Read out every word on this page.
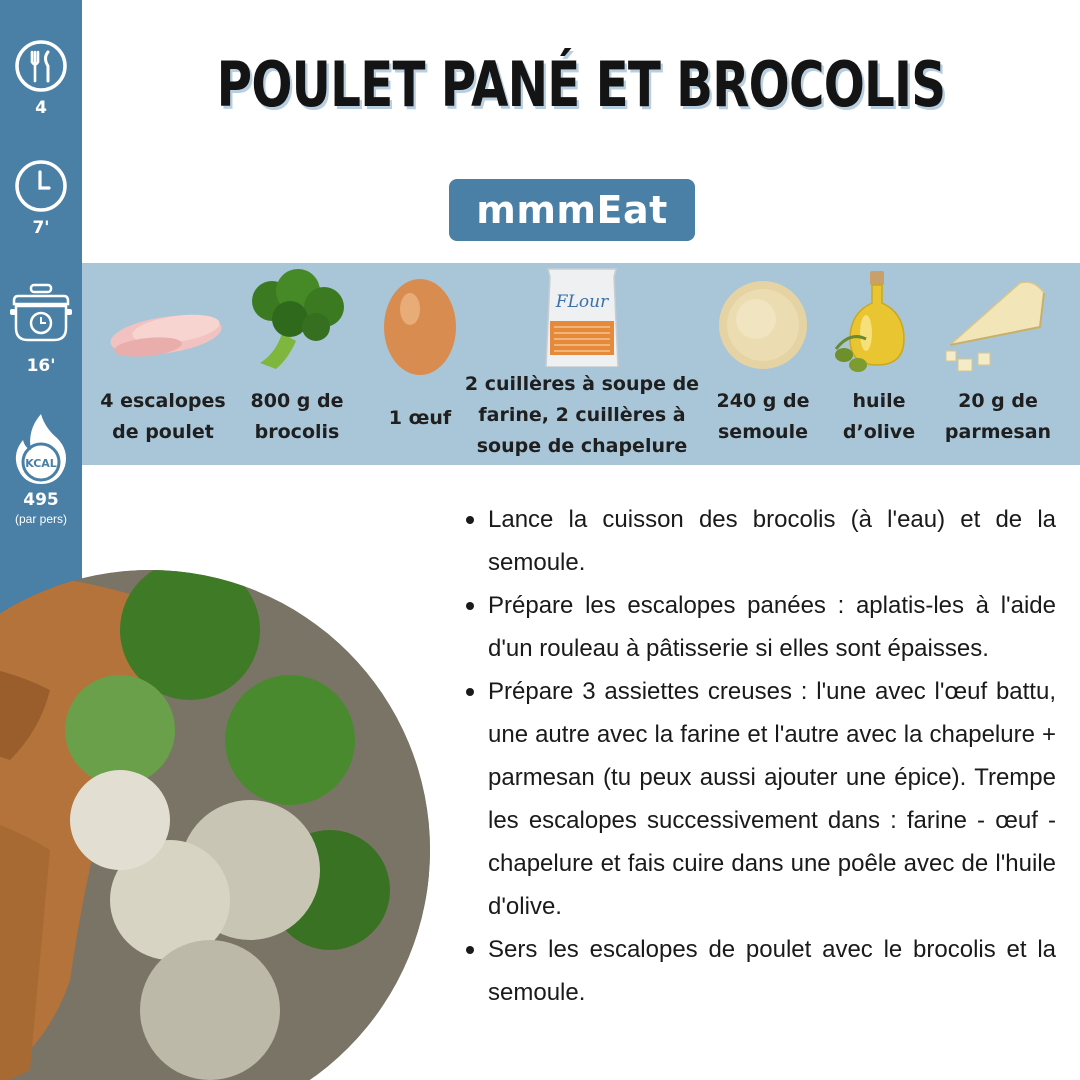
4
7'
16'
KCAL
495
(par pers)
POULET PANÉ ET BROCOLIS
mmmEat
4 escalopes de poulet
800 g de brocolis
1 œuf
FLour
2 cuillères à soupe de farine, 2 cuillères à soupe de chapelure
240 g de semoule
huile d’olive
20 g de parmesan
Lance la cuisson des brocolis (à l'eau) et de la semoule.
Prépare les escalopes panées : aplatis-les à l'aide d'un rouleau à pâtisserie si elles sont épaisses.
Prépare 3 assiettes creuses : l'une avec l'œuf battu, une autre avec la farine et l'autre avec la chapelure + parmesan (tu peux aussi ajouter une épice). Trempe les escalopes successivement dans : farine - œuf - chapelure et fais cuire dans une poêle avec de l'huile d'olive.
Sers les escalopes de poulet avec le brocolis et la semoule.
